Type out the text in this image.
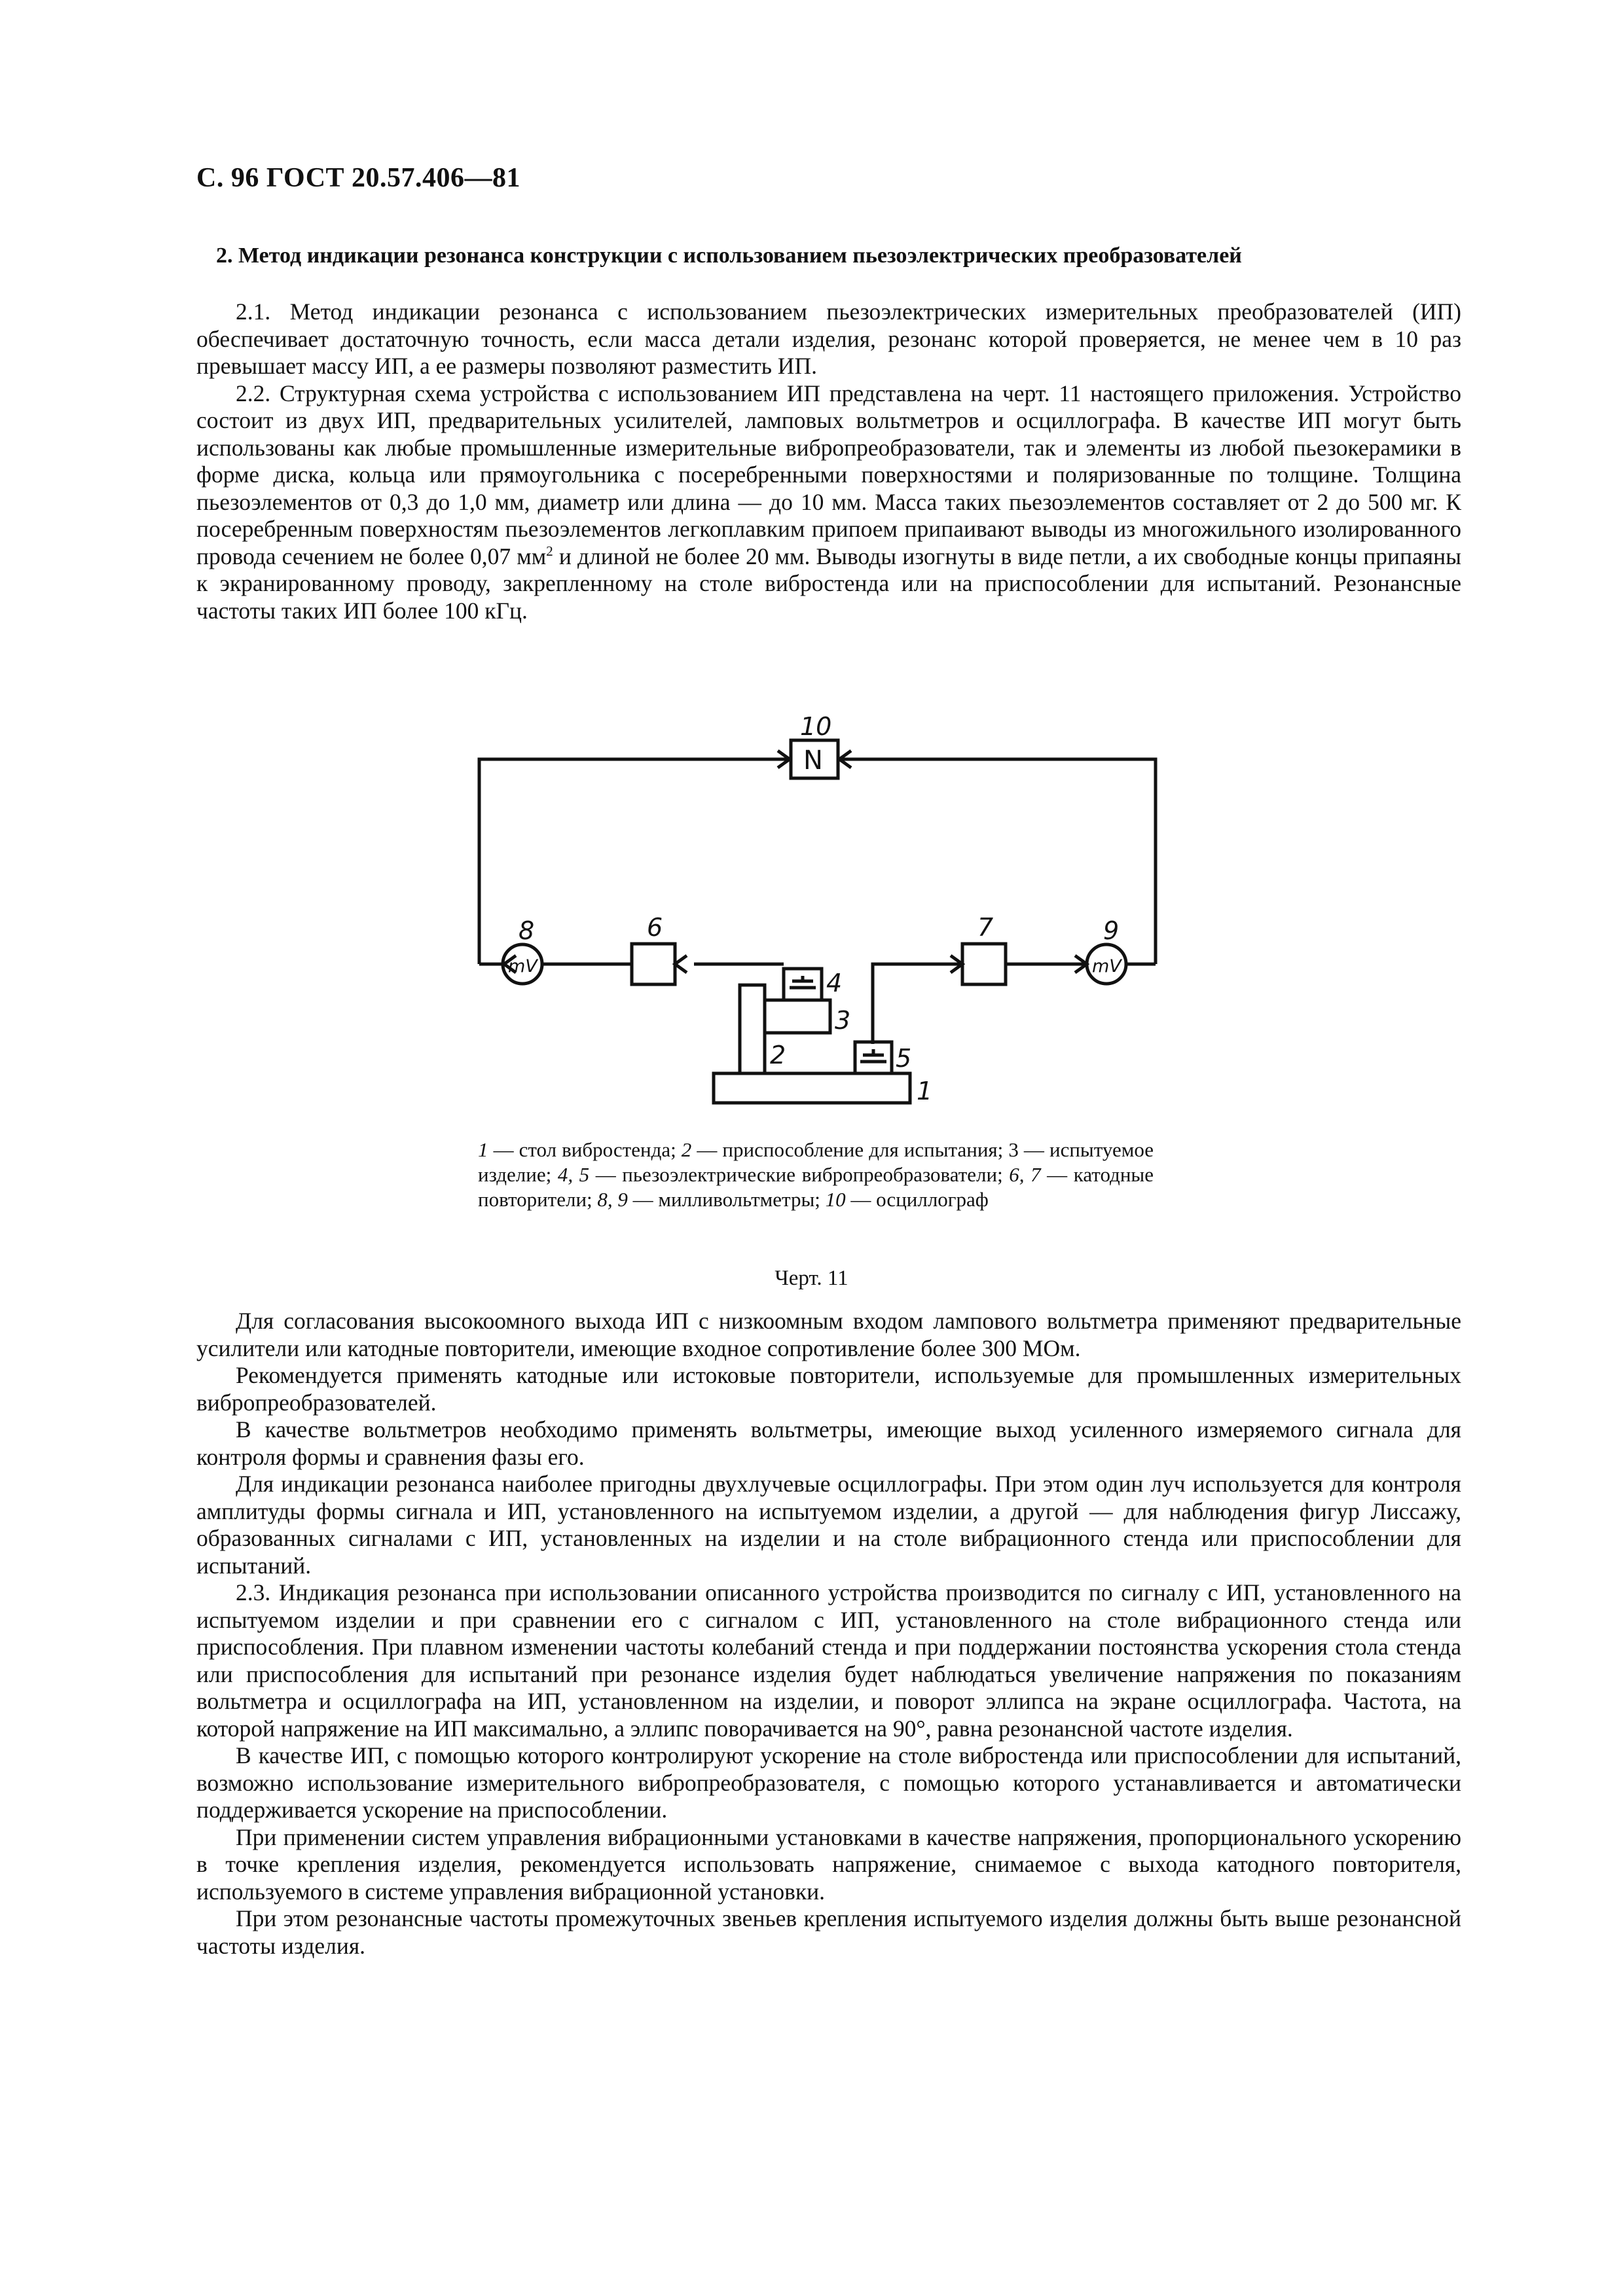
С. 96 ГОСТ 20.57.406—81
2. Метод индикации резонанса конструкции с использованием пьезоэлектрических преобразователей

2.1. Метод индикации резонанса с использованием пьезоэлектрических измерительных преобразователей (ИП) обеспечивает достаточную точность, если масса детали изделия, резонанс которой проверяется, не менее чем в 10 раз превышает массу ИП, а ее размеры позволяют разместить ИП.

2.2. Структурная схема устройства с использованием ИП представлена на черт. 11 настоящего приложения. Устройство состоит из двух ИП, предварительных усилителей, ламповых вольтметров и осциллографа. В качестве ИП могут быть использованы как любые промышленные измерительные вибропреобразователи, так и элементы из любой пьезокерамики в форме диска, кольца или прямоугольника с посеребренными поверхностями и поляризованные по толщине. Толщина пьезоэлементов от 0,3 до 1,0 мм, диаметр или длина — до 10 мм. Масса таких пьезоэлементов составляет от 2 до 500 мг. К посеребренным поверхностям пьезоэлементов легкоплавким припоем припаивают выводы из многожильного изолированного провода сечением не более 0,07 $мм^2$ и длиной не более 20 мм. Выводы изогнуты в виде петли, а их свободные концы припаяны к экранированному проводу, закрепленному на столе вибростенда или на приспособлении для испытаний. Резонансные частоты таких ИП более 100 кГц.

10
N
8	6	7	9
mV	mV
4
3
2	5
1
1 — стол вибростенда; 2 — приспособление для испытания; 3 — испытуемое изделие; 4, 5 — пьезоэлектрические вибропреобразователи; 6, 7 — катодные повторители; 8, 9 — милливольтметры; 10 — осциллограф
Черт. 11

Для согласования высокоомного выхода ИП с низкоомным входом лампового вольтметра применяют предварительные усилители или катодные повторители, имеющие входное сопротивление более 300 МОм.

Рекомендуется применять катодные или истоковые повторители, используемые для промышленных измерительных вибропреобразователей.

В качестве вольтметров необходимо применять вольтметры, имеющие выход усиленного измеряемого сигнала для контроля формы и сравнения фазы его.

Для индикации резонанса наиболее пригодны двухлучевые осциллографы. При этом один луч используется для контроля амплитуды формы сигнала и ИП, установленного на испытуемом изделии, а другой — для наблюдения фигур Лиссажу, образованных сигналами с ИП, установленных на изделии и на столе вибрационного стенда или приспособлении для испытаний.

2.3. Индикация резонанса при использовании описанного устройства производится по сигналу с ИП, установленного на испытуемом изделии и при сравнении его с сигналом с ИП, установленного на столе вибрационного стенда или приспособления. При плавном изменении частоты колебаний стенда и при поддержании постоянства ускорения стола стенда или приспособления для испытаний при резонансе изделия будет наблюдаться увеличение напряжения по показаниям вольтметра и осциллографа на ИП, установленном на изделии, и поворот эллипса на экране осциллографа. Частота, на которой напряжение на ИП максимально, а эллипс поворачивается на 90°, равна резонансной частоте изделия.

В качестве ИП, с помощью которого контролируют ускорение на столе вибростенда или приспособлении для испытаний, возможно использование измерительного вибропреобразователя, с помощью которого устанавливается и автоматически поддерживается ускорение на приспособлении.

При применении систем управления вибрационными установками в качестве напряжения, пропорционального ускорению в точке крепления изделия, рекомендуется использовать напряжение, снимаемое с выхода катодного повторителя, используемого в системе управления вибрационной установки.

При этом резонансные частоты промежуточных звеньев крепления испытуемого изделия должны быть выше резонансной частоты изделия.
